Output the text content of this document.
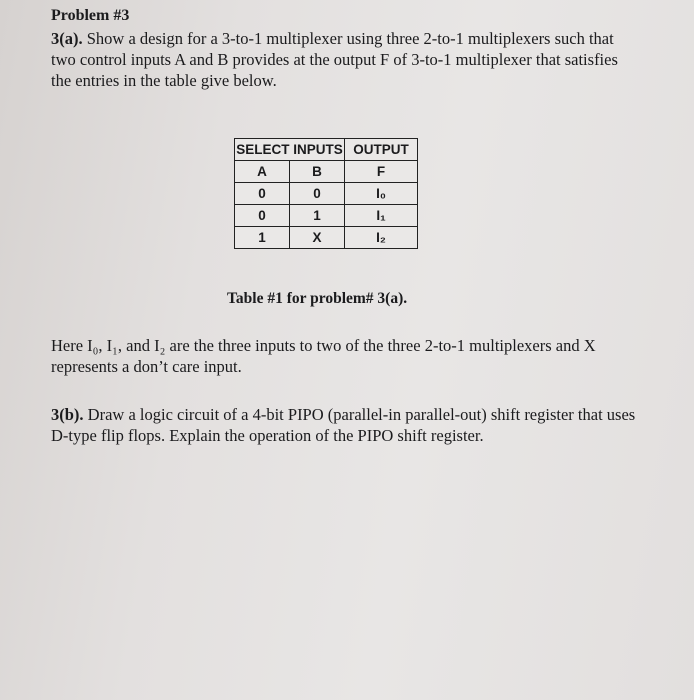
Problem #3
3(a). Show a design for a 3-to-1 multiplexer using three 2-to-1 multiplexers such that two control inputs A and B provides at the output F of 3-to-1 multiplexer that satisfies the entries in the table give below.
SELECT INPUTS		OUTPUT
A	B	F
0	0	I₀
0	1	I₁
1	X	I₂
Table #1 for problem# 3(a).
Here I₀, I₁, and I₂ are the three inputs to two of the three 2-to-1 multiplexers and X represents a don’t care input.
3(b). Draw a logic circuit of a 4-bit PIPO (parallel-in parallel-out) shift register that uses D-type flip flops. Explain the operation of the PIPO shift register.
